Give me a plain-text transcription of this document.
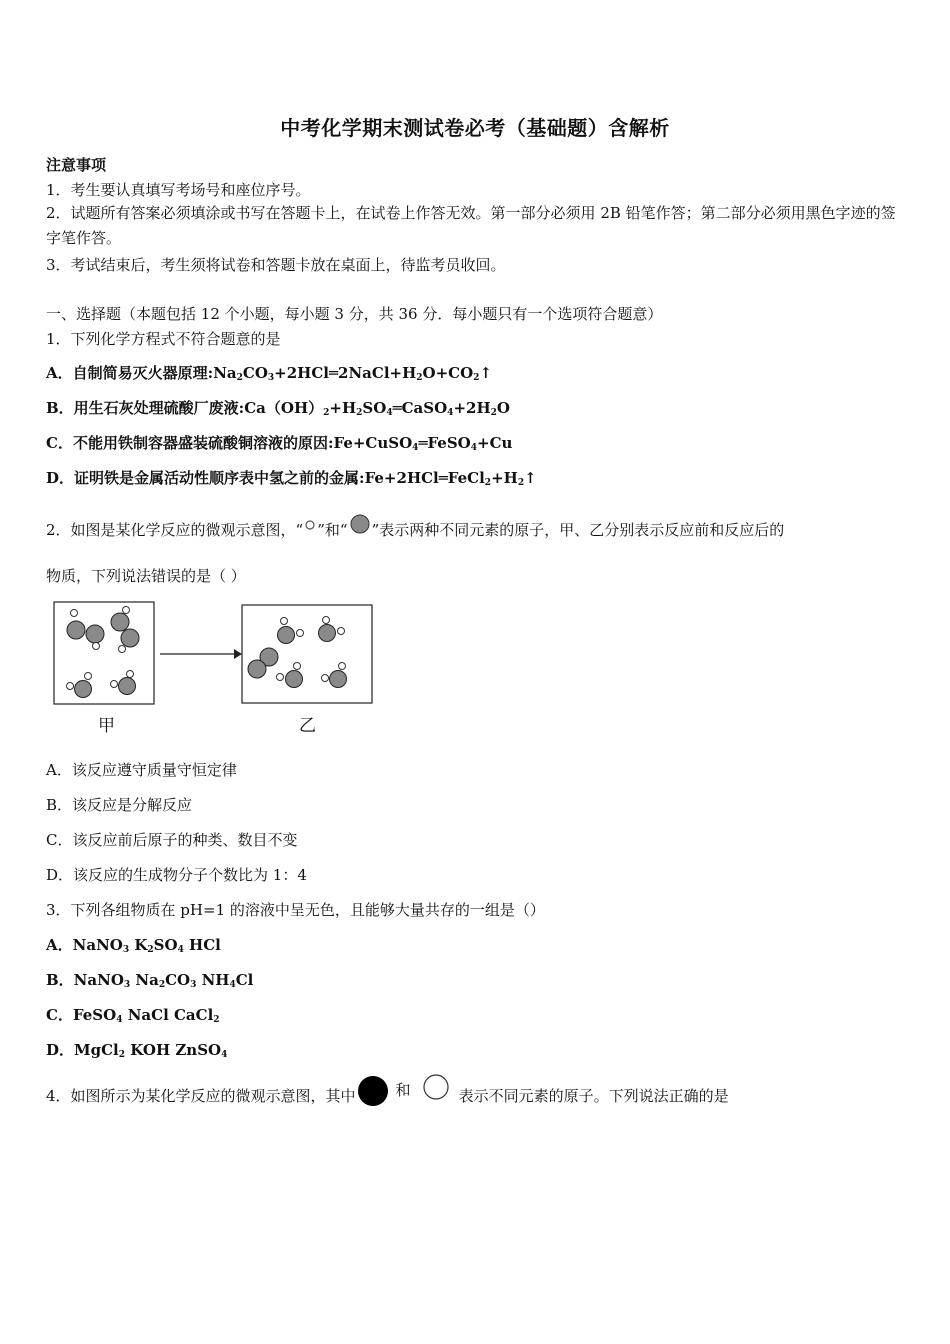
中考化学期末测试卷必考（基础题）含解析
注意事项
1．考生要认真填写考场号和座位序号。
2．试题所有答案必须填涂或书写在答题卡上，在试卷上作答无效。第一部分必须用 2B 铅笔作答；第二部分必须用黑色字迹的签字笔作答。
3．考试结束后，考生须将试卷和答题卡放在桌面上，待监考员收回。
一、选择题（本题包括 12 个小题，每小题 3 分，共 36 分．每小题只有一个选项符合题意）
1．下列化学方程式不符合题意的是
A．自制简易灭火器原理$:Na_2CO_3+2HCl═2NaCl+H_2O+CO_2↑$
B．用生石灰处理硫酸厂废液$:Ca(OH)_2+H_2SO_4═CaSO_4+2H_2O$
C．不能用铁制容器盛装硫酸铜溶液的原因:Fe+CuSO$_4$═FeSO$_4$+Cu
D．证明铁是金属活动性顺序表中氢之前的金属$:Fe+2HCl═FeCl_2+H_2↑$
2．如图是某化学反应的微观示意图，“ ”和“ ”表示两种不同元素的原子，甲、乙分别表示反应前和反应后的
物质，下列说法错误的是（ ）
甲	乙
A．该反应遵守质量守恒定律
B．该反应是分解反应
C．该反应前后原子的种类、数目不变
D．该反应的生成物分子个数比为 1：4
3．下列各组物质在 pH=1 的溶液中呈无色，且能够大量共存的一组是（）
A．NaNO$_3$ $K_2SO_4$ HCl
B．NaNO$_3$ $Na_2CO_3$ $NH_4Cl$
C．FeSO$_4$ NaCl CaCl$_2$
D．MgCl$_2$ KOH ZnSO$_4$
4．如图所示为某化学反应的微观示意图，其中	和	表示不同元素的原子。下列说法正确的是
